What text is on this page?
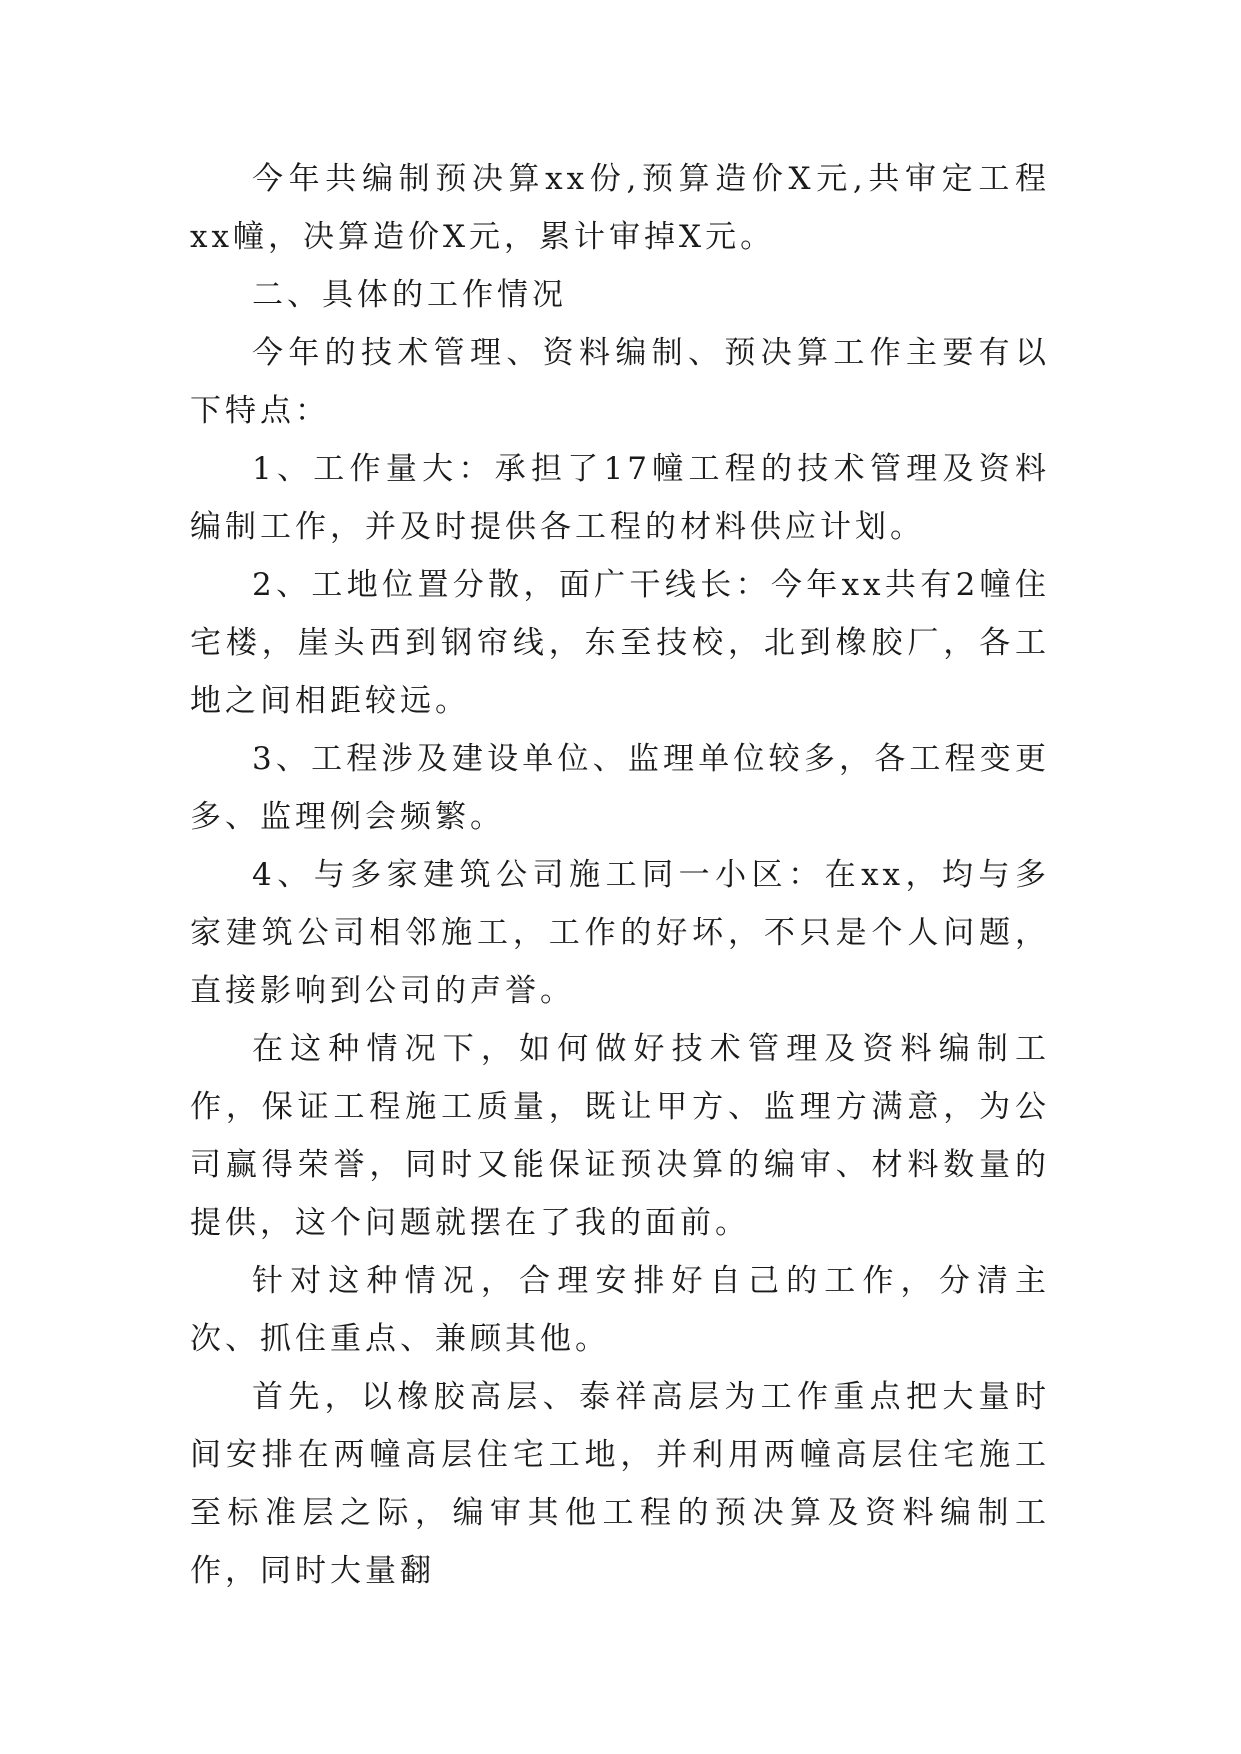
今年共编制预决算xx份,预算造价X元,共审定工程xx幢，决算造价X元，累计审掉X元。

二、具体的工作情况

今年的技术管理、资料编制、预决算工作主要有以下特点：

1、工作量大：承担了17幢工程的技术管理及资料编制工作，并及时提供各工程的材料供应计划。

2、工地位置分散，面广干线长：今年xx共有2幢住宅楼，崖头西到钢帘线，东至技校，北到橡胶厂，各工地之间相距较远。

3、工程涉及建设单位、监理单位较多，各工程变更多、监理例会频繁。

4、与多家建筑公司施工同一小区：在xx，均与多家建筑公司相邻施工，工作的好坏，不只是个人问题，直接影响到公司的声誉。

在这种情况下，如何做好技术管理及资料编制工作，保证工程施工质量，既让甲方、监理方满意，为公司赢得荣誉，同时又能保证预决算的编审、材料数量的提供，这个问题就摆在了我的面前。

针对这种情况，合理安排好自己的工作，分清主次、抓住重点、兼顾其他。

首先，以橡胶高层、泰祥高层为工作重点把大量时间安排在两幢高层住宅工地，并利用两幢高层住宅施工至标准层之际，编审其他工程的预决算及资料编制工作，同时大量翻
